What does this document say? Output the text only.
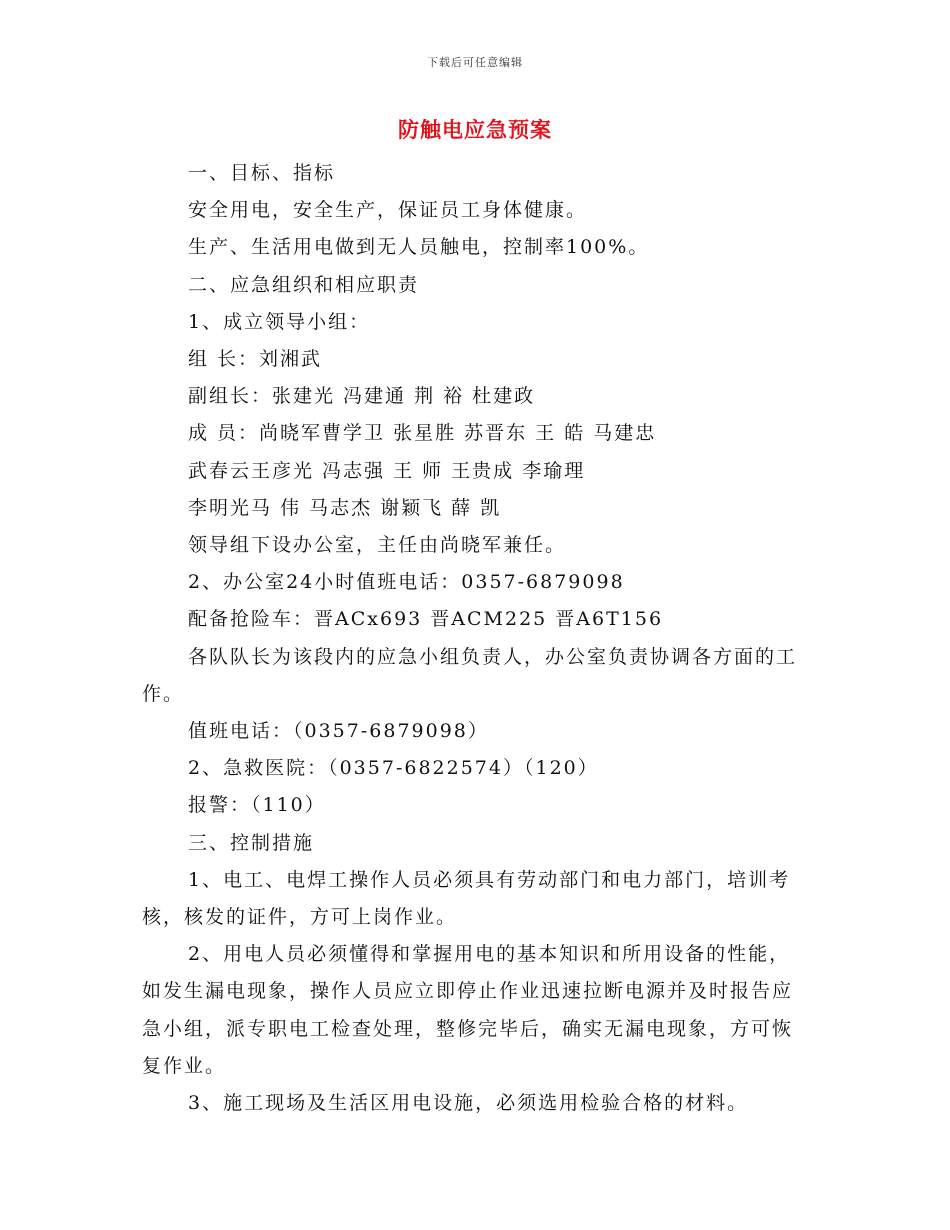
下载后可任意编辑
防触电应急预案

一、目标、指标

安全用电，安全生产，保证员工身体健康。

生产、生活用电做到无人员触电，控制率100%。

二、应急组织和相应职责

1、成立领导小组：

组 长：刘湘武

副组长：张建光 冯建通 荆 裕 杜建政

成 员：尚晓军曹学卫 张星胜 苏晋东 王 皓 马建忠

武春云王彦光 冯志强 王 师 王贵成 李瑜理

李明光马 伟 马志杰 谢颖飞 薛 凯

领导组下设办公室，主任由尚晓军兼任。

2、办公室24小时值班电话：0357-6879098

配备抢险车：晋ACx693 晋ACM225 晋A6T156

各队队长为该段内的应急小组负责人，办公室负责协调各方面的工作。

值班电话：（0357-6879098）

2、急救医院：（0357-6822574）（120）

报警：（110）

三、控制措施

1、电工、电焊工操作人员必须具有劳动部门和电力部门，培训考核，核发的证件，方可上岗作业。

2、用电人员必须懂得和掌握用电的基本知识和所用设备的性能，如发生漏电现象，操作人员应立即停止作业迅速拉断电源并及时报告应急小组，派专职电工检查处理，整修完毕后，确实无漏电现象，方可恢复作业。

3、施工现场及生活区用电设施，必须选用检验合格的材料。
